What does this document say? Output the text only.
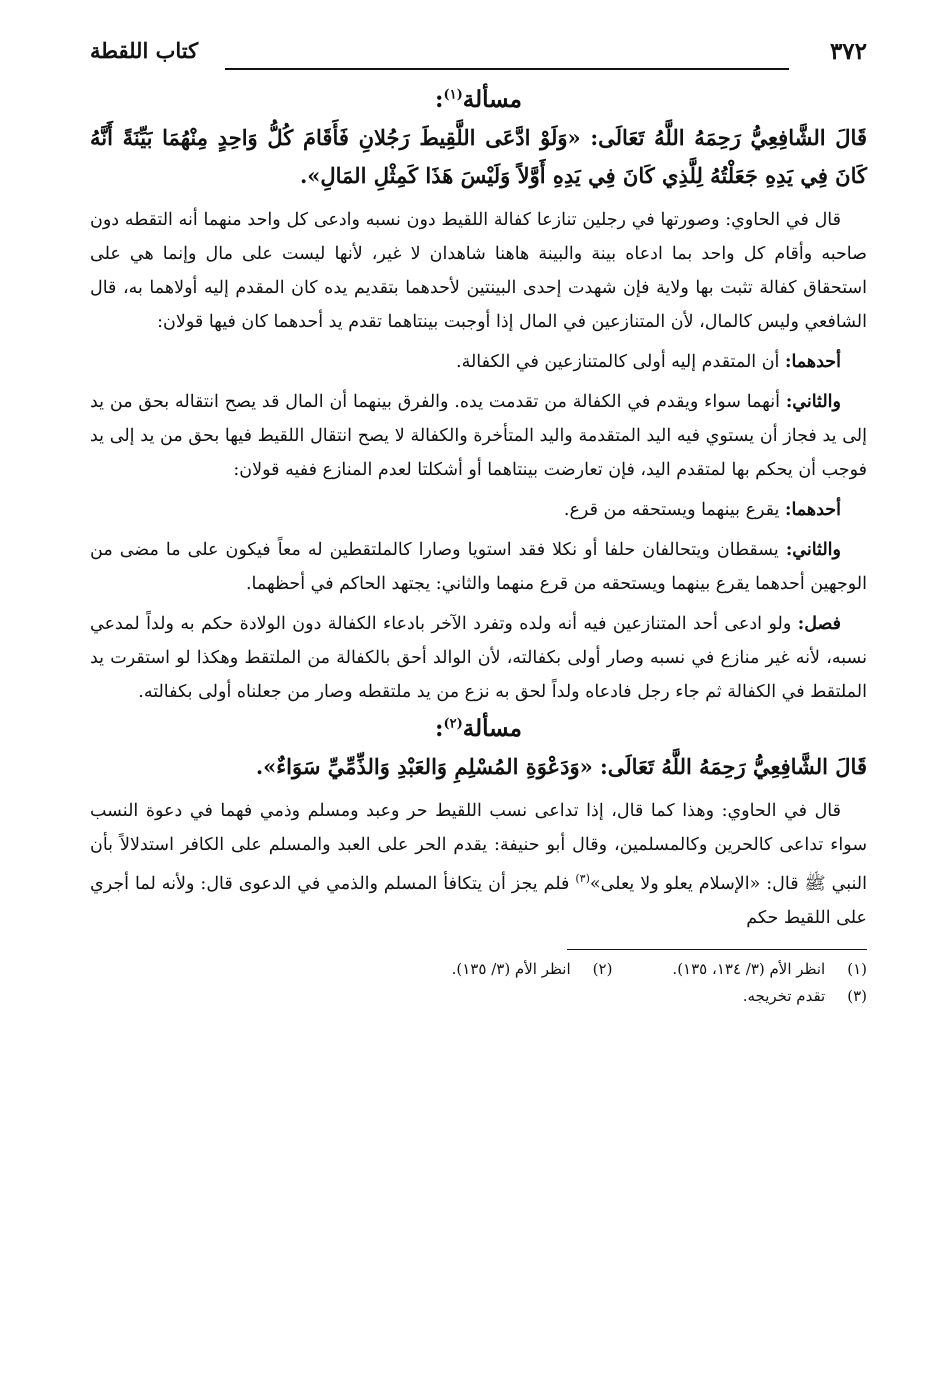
٣٧٢
كتاب اللقطة
مسألة$^{(١)}$:

قَالَ الشَّافِعِيُّ رَحِمَهُ اللَّهُ تَعَالَى: «وَلَوْ ادَّعَى اللَّقِيطَ رَجُلانِ فَأَقَامَ كُلُّ وَاحِدٍ مِنْهُمَا بَيِّنَةً أَنَّهُ كَانَ فِي يَدِهِ جَعَلْتُهُ لِلَّذِي كَانَ فِي يَدِهِ أَوَّلاً وَلَيْسَ هَذَا كَمِثْلِ المَالِ».

قال في الحاوي: وصورتها في رجلين تنازعا كفالة اللقيط دون نسبه وادعى كل واحد منهما أنه التقطه دون صاحبه وأقام كل واحد بما ادعاه بينة والبينة هاهنا شاهدان لا غير، لأنها ليست على مال وإنما هي على استحقاق كفالة تثبت بها ولاية فإن شهدت إحدى البينتين لأحدهما بتقديم يده كان المقدم إليه أولاهما به، قال الشافعي وليس كالمال، لأن المتنازعين في المال إذا أوجبت بينتاهما تقدم يد أحدهما كان فيها قولان:

أحدهما: أن المتقدم إليه أولى كالمتنازعين في الكفالة.

والثاني: أنهما سواء ويقدم في الكفالة من تقدمت يده. والفرق بينهما أن المال قد يصح انتقاله بحق من يد إلى يد فجاز أن يستوي فيه اليد المتقدمة واليد المتأخرة والكفالة لا يصح انتقال اللقيط فيها بحق من يد إلى يد فوجب أن يحكم بها لمتقدم اليد، فإن تعارضت بينتاهما أو أشكلتا لعدم المنازع ففيه قولان:

أحدهما: يقرع بينهما ويستحقه من قرع.

والثاني: يسقطان ويتحالفان حلفا أو نكلا فقد استويا وصارا كالملتقطين له معاً فيكون على ما مضى من الوجهين أحدهما يقرع بينهما ويستحقه من قرع منهما والثاني: يجتهد الحاكم في أحظهما.

فصل: ولو ادعى أحد المتنازعين فيه أنه ولده وتفرد الآخر بادعاء الكفالة دون الولادة حكم به ولداً لمدعي نسبه، لأنه غير منازع في نسبه وصار أولى بكفالته، لأن الوالد أحق بالكفالة من الملتقط وهكذا لو استقرت يد الملتقط في الكفالة ثم جاء رجل فادعاه ولداً لحق به نزع من يد ملتقطه وصار من جعلناه أولى بكفالته.

مسألة$^{(٢)}$:

قَالَ الشَّافِعِيُّ رَحِمَهُ اللَّهُ تَعَالَى: «وَدَعْوَةِ المُسْلِمِ وَالعَبْدِ وَالذِّمِّيِّ سَوَاءٌ».

قال في الحاوي: وهذا كما قال، إذا تداعى نسب اللقيط حر وعبد ومسلم وذمي فهما في دعوة النسب سواء تداعى كالحرين وكالمسلمين، وقال أبو حنيفة: يقدم الحر على العبد والمسلم على الكافر استدلالاً بأن النبي ﷺ قال: «الإسلام يعلو ولا يعلى»$^{(٣)}$ فلم يجز أن يتكافأ المسلم والذمي في الدعوى قال: ولأنه لما أجري على اللقيط حكم

(١)
انظر الأم (٣/ ١٣٤، ١٣٥).
(٢)
انظر الأم (٣/ ١٣٥).
(٣)
تقدم تخريجه.
